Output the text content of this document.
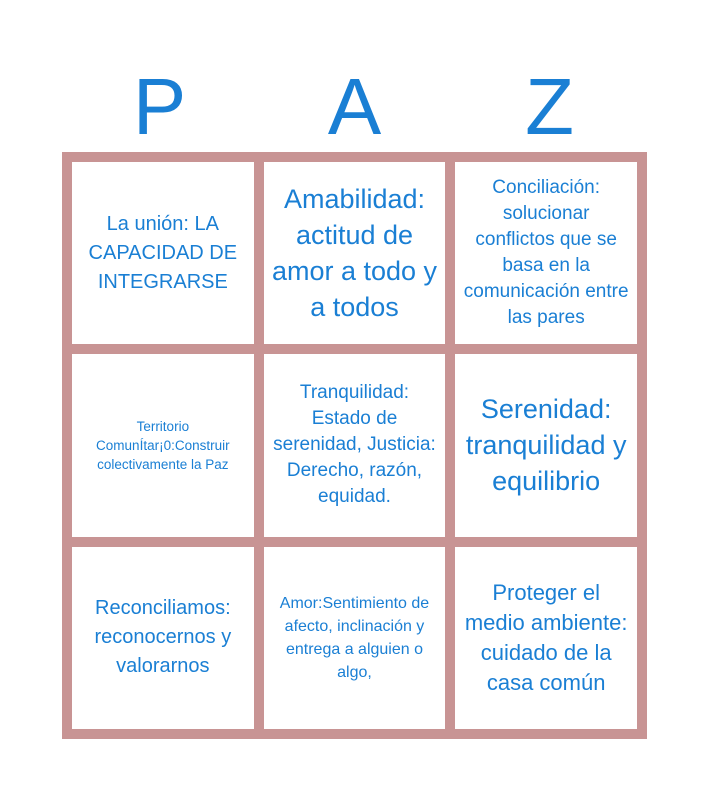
P	A	Z
La unión: LA CAPACIDAD DE INTEGRARSE
Amabilidad: actitud de amor a todo y a todos
Conciliación: solucionar conflictos que se basa en la comunicación entre las pares
Territorio ComunÍtar¡0:Construir colectivamente la Paz
Tranquilidad: Estado de serenidad, Justicia: Derecho, razón, equidad.
Serenidad: tranquilidad y equilibrio
Reconciliamos: reconocernos y valorarnos
Amor:Sentimiento de afecto, inclinación y entrega a alguien o algo,
Proteger el medio ambiente: cuidado de la casa común
